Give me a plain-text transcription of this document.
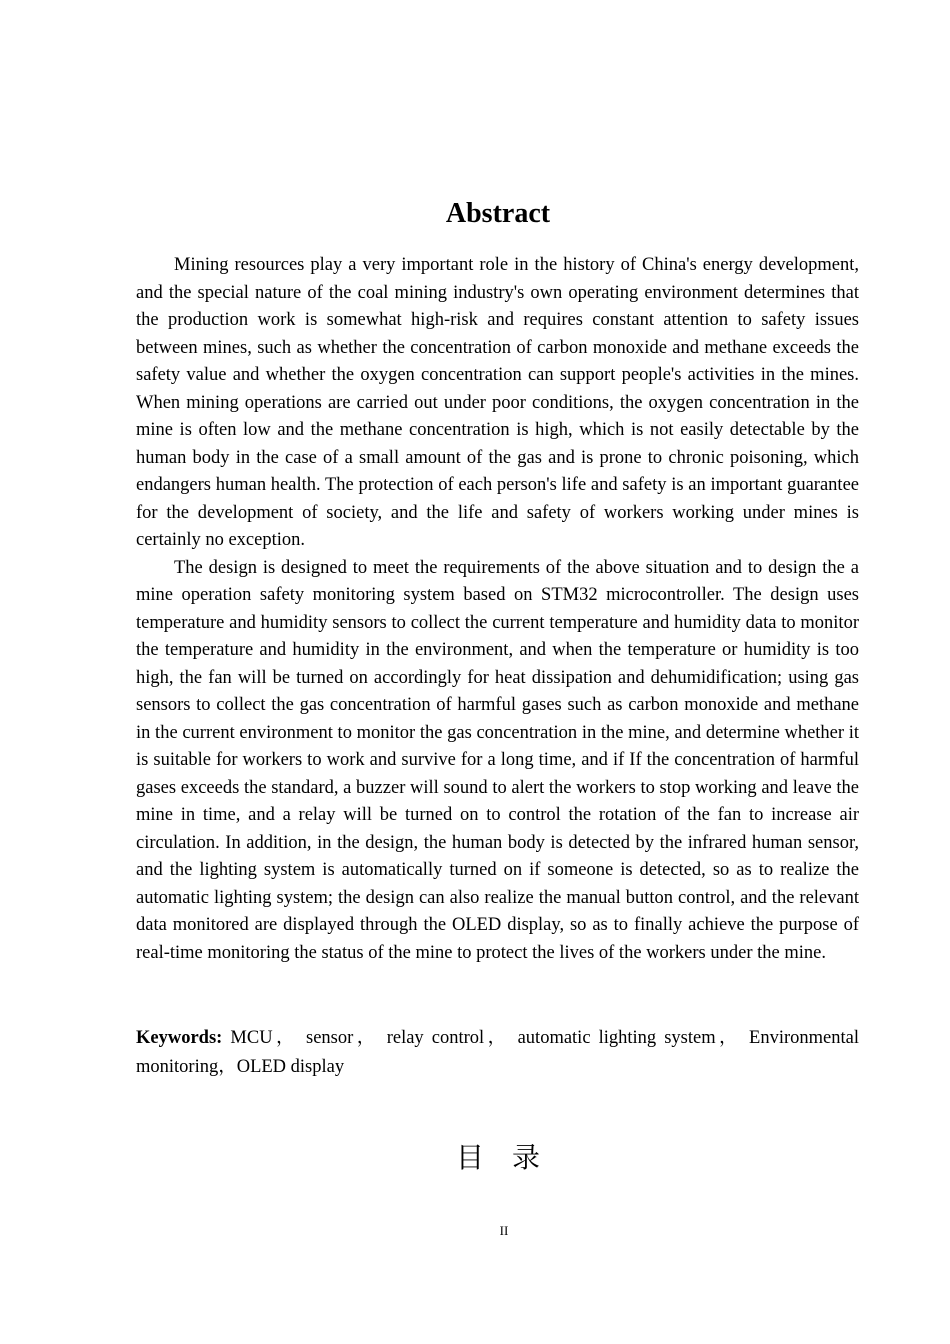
Abstract

Mining resources play a very important role in the history of China's energy development, and the special nature of the coal mining industry's own operating environment determines that the production work is somewhat high-risk and requires constant attention to safety issues between mines, such as whether the concentration of carbon monoxide and methane exceeds the safety value and whether the oxygen concentration can support people's activities in the mines. When mining operations are carried out under poor conditions, the oxygen concentration in the mine is often low and the methane concentration is high, which is not easily detectable by the human body in the case of a small amount of the gas and is prone to chronic poisoning, which endangers human health. The protection of each person's life and safety is an important guarantee for the development of society, and the life and safety of workers working under mines is certainly no exception.

The design is designed to meet the requirements of the above situation and to design the a mine operation safety monitoring system based on STM32 microcontroller. The design uses temperature and humidity sensors to collect the current temperature and humidity data to monitor the temperature and humidity in the environment, and when the temperature or humidity is too high, the fan will be turned on accordingly for heat dissipation and dehumidification; using gas sensors to collect the gas concentration of harmful gases such as carbon monoxide and methane in the current environment to monitor the gas concentration in the mine, and determine whether it is suitable for workers to work and survive for a long time, and if If the concentration of harmful gases exceeds the standard, a buzzer will sound to alert the workers to stop working and leave the mine in time, and a relay will be turned on to control the rotation of the fan to increase air circulation. In addition, in the design, the human body is detected by the infrared human sensor, and the lighting system is automatically turned on if someone is detected, so as to realize the automatic lighting system; the design can also realize the manual button control, and the relevant data monitored are displayed through the OLED display, so as to finally achieve the purpose of real-time monitoring the status of the mine to protect the lives of the workers under the mine.

Keywords: MCU， sensor， relay control， automatic lighting system， Environmental monitoring，OLED display

目录
II
